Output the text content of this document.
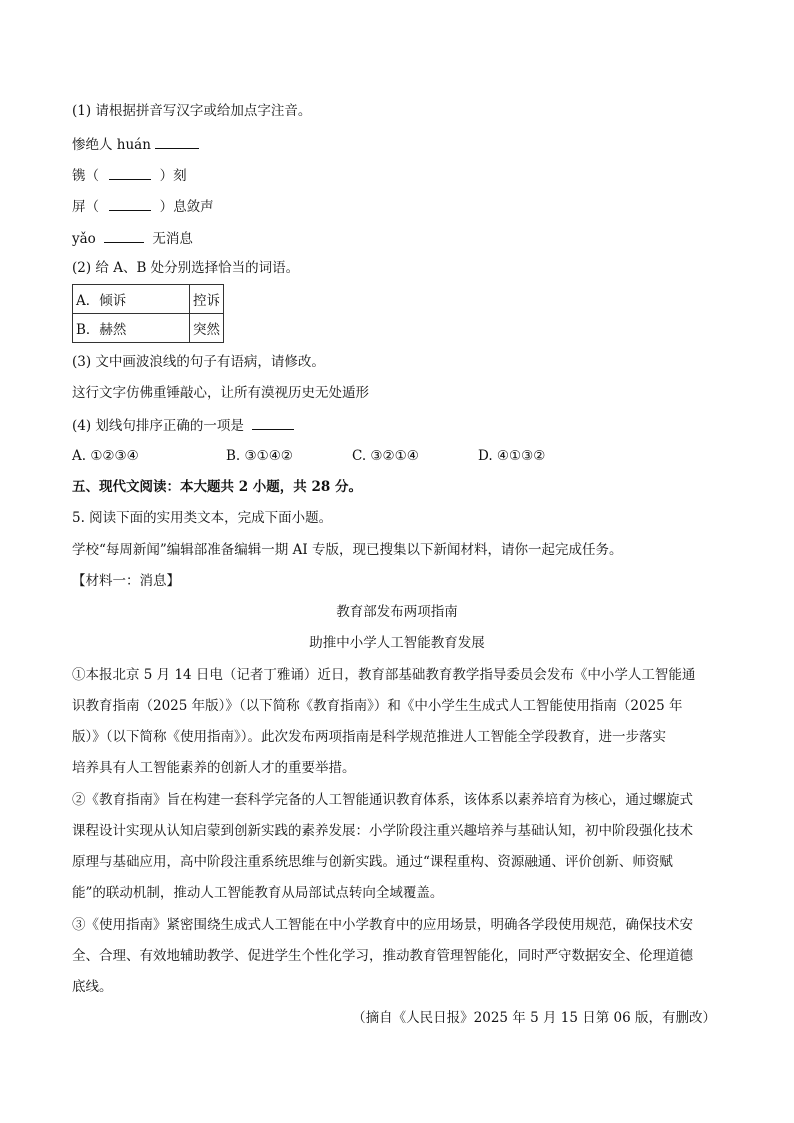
(1) 请根据拼音写汉字或给加点字注音。
惨绝人 huán
镌（	）刻
屏（	）息敛声
yǎo	无消息
(2) 给 A、B 处分别选择恰当的词语。
A．倾诉	控诉
B．赫然	突然
(3) 文中画波浪线的句子有语病，请修改。
这行文字仿佛重锤敲心，让所有漠视历史无处遁形
(4) 划线句排序正确的一项是
A. ①②③④	B. ③①④②	C. ③②①④	D. ④①③②
五、现代文阅读：本大题共 2 小题，共 28 分。
5. 阅读下面的实用类文本，完成下面小题。
学校“每周新闻”编辑部准备编辑一期 AI 专版，现已搜集以下新闻材料，请你一起完成任务。
【材料一：消息】
教育部发布两项指南
助推中小学人工智能教育发展
①本报北京 5 月 14 日电（记者丁雅诵）近日，教育部基础教育教学指导委员会发布《中小学人工智能通
识教育指南（2025 年版）》（以下简称《教育指南》）和《中小学生生成式人工智能使用指南（2025 年
版）》（以下简称《使用指南》）。此次发布两项指南是科学规范推进人工智能全学段教育，进一步落实
培养具有人工智能素养的创新人才的重要举措。
②《教育指南》旨在构建一套科学完备的人工智能通识教育体系，该体系以素养培育为核心，通过螺旋式
课程设计实现从认知启蒙到创新实践的素养发展：小学阶段注重兴趣培养与基础认知，初中阶段强化技术
原理与基础应用，高中阶段注重系统思维与创新实践。通过“课程重构、资源融通、评价创新、师资赋
能”的联动机制，推动人工智能教育从局部试点转向全域覆盖。
③《使用指南》紧密围绕生成式人工智能在中小学教育中的应用场景，明确各学段使用规范，确保技术安
全、合理、有效地辅助教学、促进学生个性化学习，推动教育管理智能化，同时严守数据安全、伦理道德
底线。
（摘自《人民日报》2025 年 5 月 15 日第 06 版，有删改）
